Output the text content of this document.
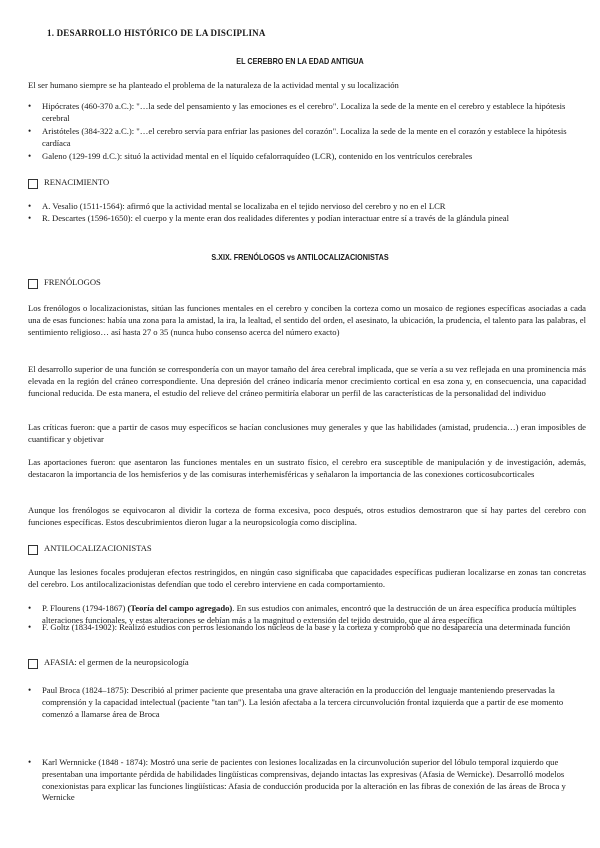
1. DESARROLLO HISTÓRICO DE LA DISCIPLINA
EL CEREBRO EN LA EDAD ANTIGUA
El ser humano siempre se ha planteado el problema de la naturaleza de la actividad mental y su localización
• Hipócrates (460-370 a.C.): "…la sede del pensamiento y las emociones es el cerebro". Localiza la sede de la mente en el cerebro y establece la hipótesis cerebral
• Aristóteles (384-322 a.C.): "…el cerebro servía para enfriar las pasiones del corazón". Localiza la sede de la mente en el corazón y establece la hipótesis cardíaca
• Galeno (129-199 d.C.): situó la actividad mental en el líquido cefalorraquídeo (LCR), contenido en los ventrículos cerebrales
RENACIMIENTO
• A. Vesalio (1511-1564): afirmó que la actividad mental se localizaba en el tejido nervioso del cerebro y no en el LCR
• R. Descartes (1596-1650): el cuerpo y la mente eran dos realidades diferentes y podían interactuar entre sí a través de la glándula pineal
S.XIX. FRENÓLOGOS vs ANTILOCALIZACIONISTAS
FRENÓLOGOS
Los frenólogos o localizacionistas, sitúan las funciones mentales en el cerebro y conciben la corteza como un mosaico de regiones específicas asociadas a cada una de esas funciones: había una zona para la amistad, la ira, la lealtad, el sentido del orden, el asesinato, la ubicación, la prudencia, el talento para las palabras, el sentimiento religioso… así hasta 27 o 35 (nunca hubo consenso acerca del número exacto)
El desarrollo superior de una función se correspondería con un mayor tamaño del área cerebral implicada, que se vería a su vez reflejada en una prominencia más elevada en la región del cráneo correspondiente. Una depresión del cráneo indicaría menor crecimiento cortical en esa zona y, en consecuencia, una capacidad funcional reducida. De esta manera, el estudio del relieve del cráneo permitiría elaborar un perfil de las características de la personalidad del individuo
Las críticas fueron: que a partir de casos muy específicos se hacían conclusiones muy generales y que las habilidades (amistad, prudencia…) eran imposibles de cuantificar y objetivar
Las aportaciones fueron: que asentaron las funciones mentales en un sustrato físico, el cerebro era susceptible de manipulación y de investigación, además, destacaron la importancia de los hemisferios y de las comisuras interhemisféricas y señalaron la importancia de las conexiones corticosubcorticales
Aunque los frenólogos se equivocaron al dividir la corteza de forma excesiva, poco después, otros estudios demostraron que sí hay partes del cerebro con funciones específicas. Estos descubrimientos dieron lugar a la neuropsicología como disciplina.
ANTILOCALIZACIONISTAS
Aunque las lesiones focales produjeran efectos restringidos, en ningún caso significaba que capacidades específicas pudieran localizarse en zonas tan concretas del cerebro. Los antilocalizacionistas defendían que todo el cerebro interviene en cada comportamiento.
• P. Flourens (1794-1867) (Teoría del campo agregado). En sus estudios con animales, encontró que la destrucción de un área específica producía múltiples alteraciones funcionales, y estas alteraciones se debían más a la magnitud o extensión del tejido destruido, que al área específica
• F. Goltz (1834-1902): Realizó estudios con perros lesionando los núcleos de la base y la corteza y comprobó que no desaparecía una determinada función
AFASIA: el germen de la neuropsicología
• Paul Broca (1824–1875): Describió al primer paciente que presentaba una grave alteración en la producción del lenguaje manteniendo preservadas la comprensión y la capacidad intelectual (paciente "tan tan"). La lesión afectaba a la tercera circunvolución frontal izquierda que a partir de ese momento comenzó a llamarse área de Broca
• Karl Wernnicke (1848 - 1874): Mostró una serie de pacientes con lesiones localizadas en la circunvolución superior del lóbulo temporal izquierdo que presentaban una importante pérdida de habilidades lingüísticas comprensivas, dejando intactas las expresivas (Afasia de Wernicke). Desarrolló modelos conexionistas para explicar las funciones lingüísticas: Afasia de conducción producida por la alteración en las fibras de conexión de las áreas de Broca y Wernicke
